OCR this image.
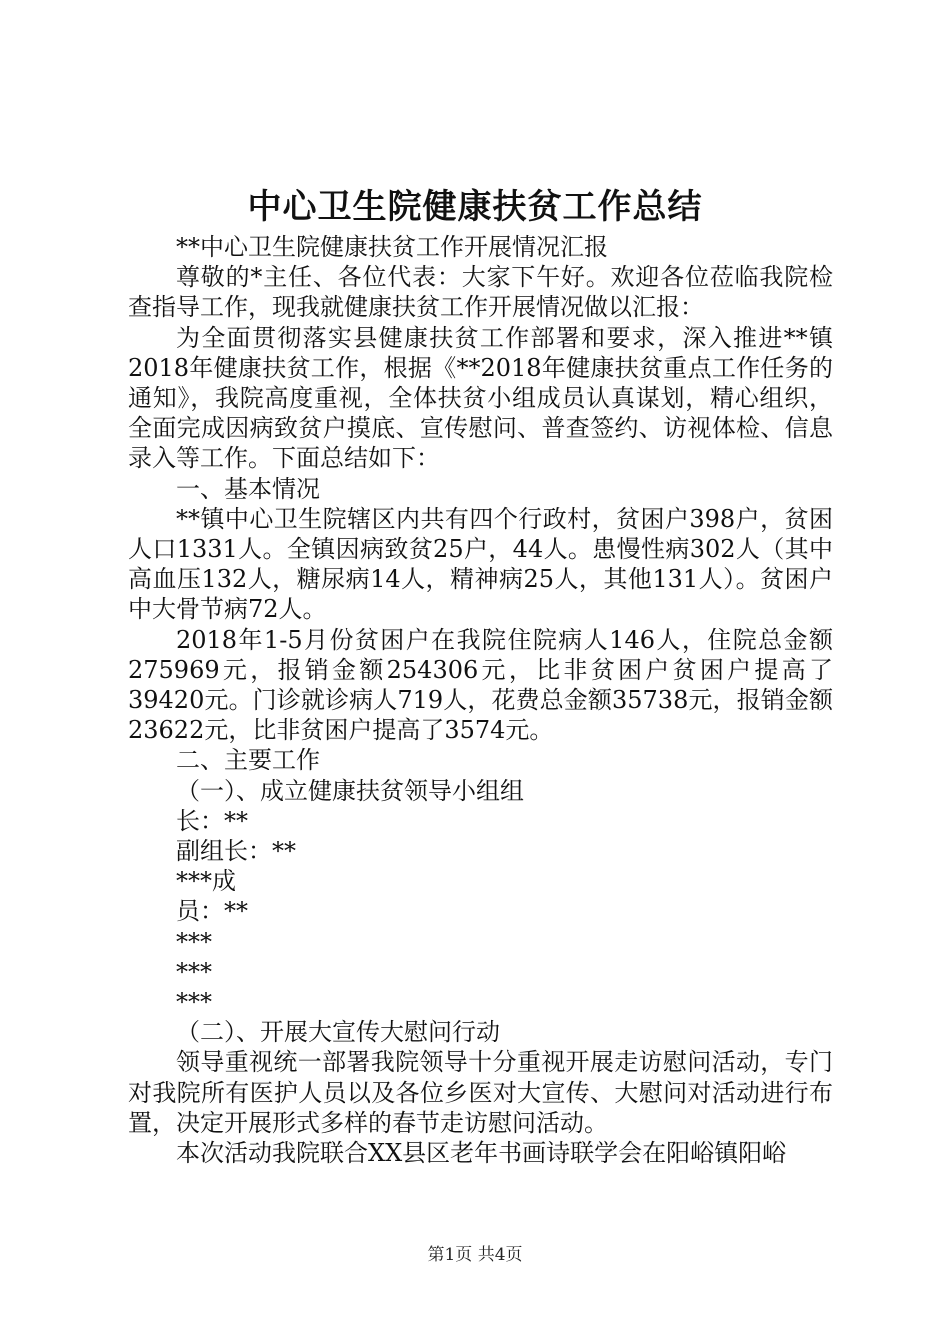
中心卫生院健康扶贫工作总结

**中心卫生院健康扶贫工作开展情况汇报

尊敬的*主任、各位代表：大家下午好。欢迎各位莅临我院检查指导工作，现我就健康扶贫工作开展情况做以汇报：

为全面贯彻落实县健康扶贫工作部署和要求，深入推进**镇2018年健康扶贫工作，根据《**2018年健康扶贫重点工作任务的通知》，我院高度重视，全体扶贫小组成员认真谋划，精心组织，全面完成因病致贫户摸底、宣传慰问、普查签约、访视体检、信息录入等工作。下面总结如下：

一、基本情况

**镇中心卫生院辖区内共有四个行政村，贫困户398户，贫困人口1331人。全镇因病致贫25户，44人。患慢性病302人（其中高血压132人，糖尿病14人，精神病25人，其他131人）。贫困户中大骨节病72人。

2018年1-5月份贫困户在我院住院病人146人，住院总金额275969元，报销金额254306元，比非贫困户贫困户提高了39420元。门诊就诊病人719人，花费总金额35738元，报销金额23622元，比非贫困户提高了3574元。

二、主要工作

（一）、成立健康扶贫领导小组组

长：**

副组长：**

***成

员：**

***

***

***

（二）、开展大宣传大慰问行动

领导重视统一部署我院领导十分重视开展走访慰问活动，专门对我院所有医护人员以及各位乡医对大宣传、大慰问对活动进行布置，决定开展形式多样的春节走访慰问活动。

本次活动我院联合XX县区老年书画诗联学会在阳峪镇阳峪

第1页 共4页
